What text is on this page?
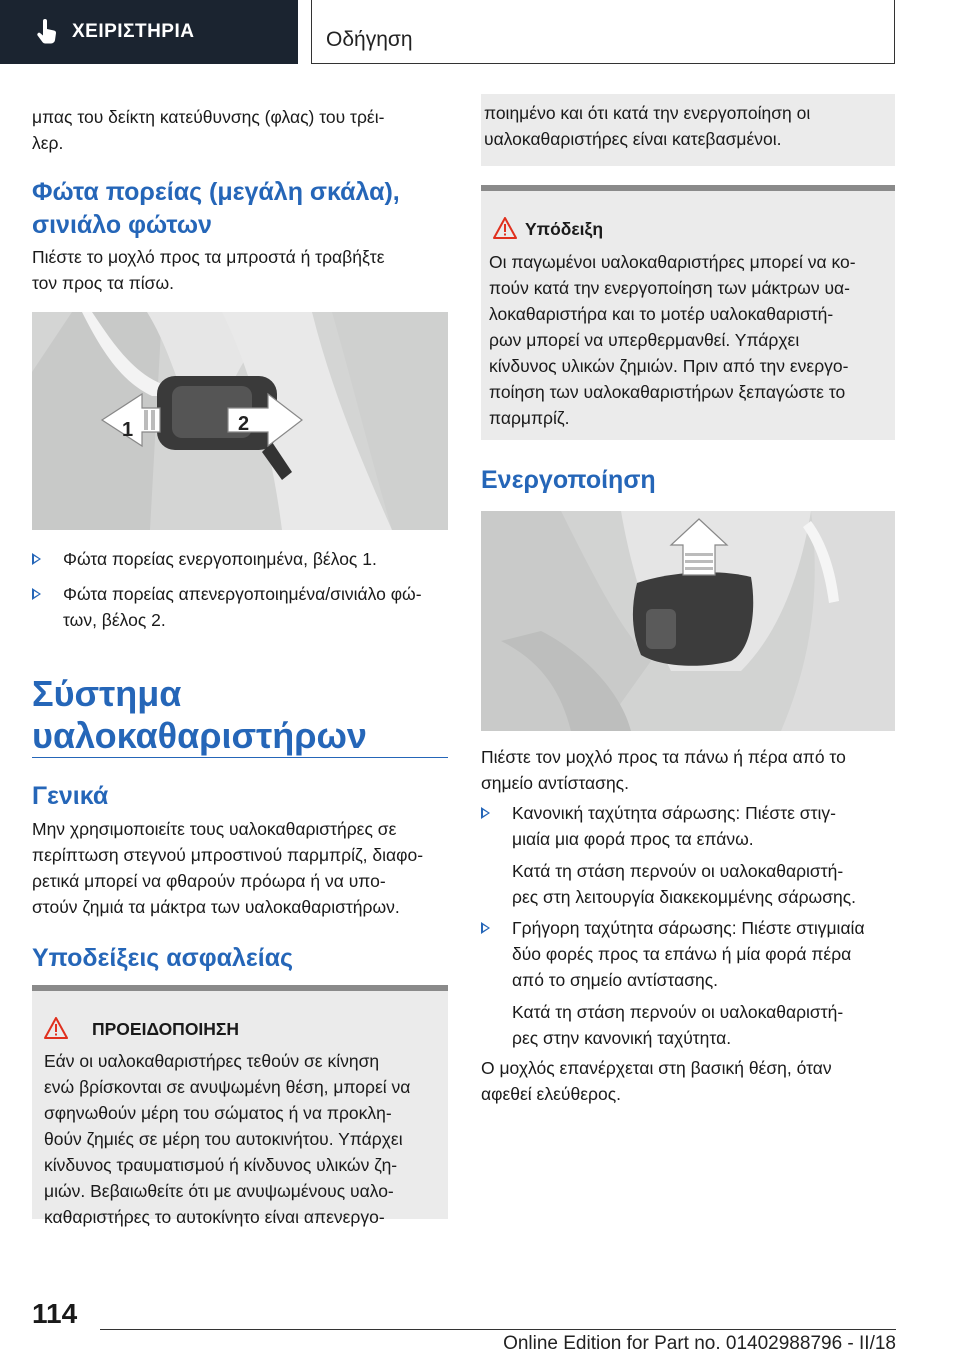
ΧΕΙΡΙΣΤΗΡΙΑ	Οδήγηση
μπας του δείκτη κατεύθυνσης (φλας) του τρέι-
λερ.
Φώτα πορείας (μεγάλη σκάλα),
σινιάλο φώτων
Πιέστε το μοχλό προς τα μπροστά ή τραβήξτε
τον προς τα πίσω.
1	2
Φώτα πορείας ενεργοποιημένα, βέλος 1.
Φώτα πορείας απενεργοποιημένα/σινιάλο φώ-
των, βέλος 2.
Σύστημα
υαλοκαθαριστήρων
Γενικά
Μην χρησιμοποιείτε τους υαλοκαθαριστήρες σε
περίπτωση στεγνού μπροστινού παρμπρίζ, διαφο-
ρετικά μπορεί να φθαρούν πρόωρα ή να υπο-
στούν ζημιά τα μάκτρα των υαλοκαθαριστήρων.
Υποδείξεις ασφαλείας
ΠΡΟΕΙΔΟΠΟΙΗΣΗ
Εάν οι υαλοκαθαριστήρες τεθούν σε κίνηση
ενώ βρίσκονται σε ανυψωμένη θέση, μπορεί να
σφηνωθούν μέρη του σώματος ή να προκλη-
θούν ζημιές σε μέρη του αυτοκινήτου. Υπάρχει
κίνδυνος τραυματισμού ή κίνδυνος υλικών ζη-
μιών. Βεβαιωθείτε ότι με ανυψωμένους υαλο-
καθαριστήρες το αυτοκίνητο είναι απενεργο-
ποιημένο και ότι κατά την ενεργοποίηση οι
υαλοκαθαριστήρες είναι κατεβασμένοι.
Υπόδειξη
Οι παγωμένοι υαλοκαθαριστήρες μπορεί να κο-
πούν κατά την ενεργοποίηση των μάκτρων υα-
λοκαθαριστήρα και το μοτέρ υαλοκαθαριστή-
ρων μπορεί να υπερθερμανθεί. Υπάρχει
κίνδυνος υλικών ζημιών. Πριν από την ενεργο-
ποίηση των υαλοκαθαριστήρων ξεπαγώστε το
παρμπρίζ.
Ενεργοποίηση
Πιέστε τον μοχλό προς τα πάνω ή πέρα από το
σημείο αντίστασης.
Κανονική ταχύτητα σάρωσης: Πιέστε στιγ-
μιαία μια φορά προς τα επάνω.
Κατά τη στάση περνούν οι υαλοκαθαριστή-
ρες στη λειτουργία διακεκομμένης σάρωσης.
Γρήγορη ταχύτητα σάρωσης: Πιέστε στιγμιαία
δύο φορές προς τα επάνω ή μία φορά πέρα
από το σημείο αντίστασης.
Κατά τη στάση περνούν οι υαλοκαθαριστή-
ρες στην κανονική ταχύτητα.
Ο μοχλός επανέρχεται στη βασική θέση, όταν
αφεθεί ελεύθερος.
114
Online Edition for Part no. 01402988796 - II/18
